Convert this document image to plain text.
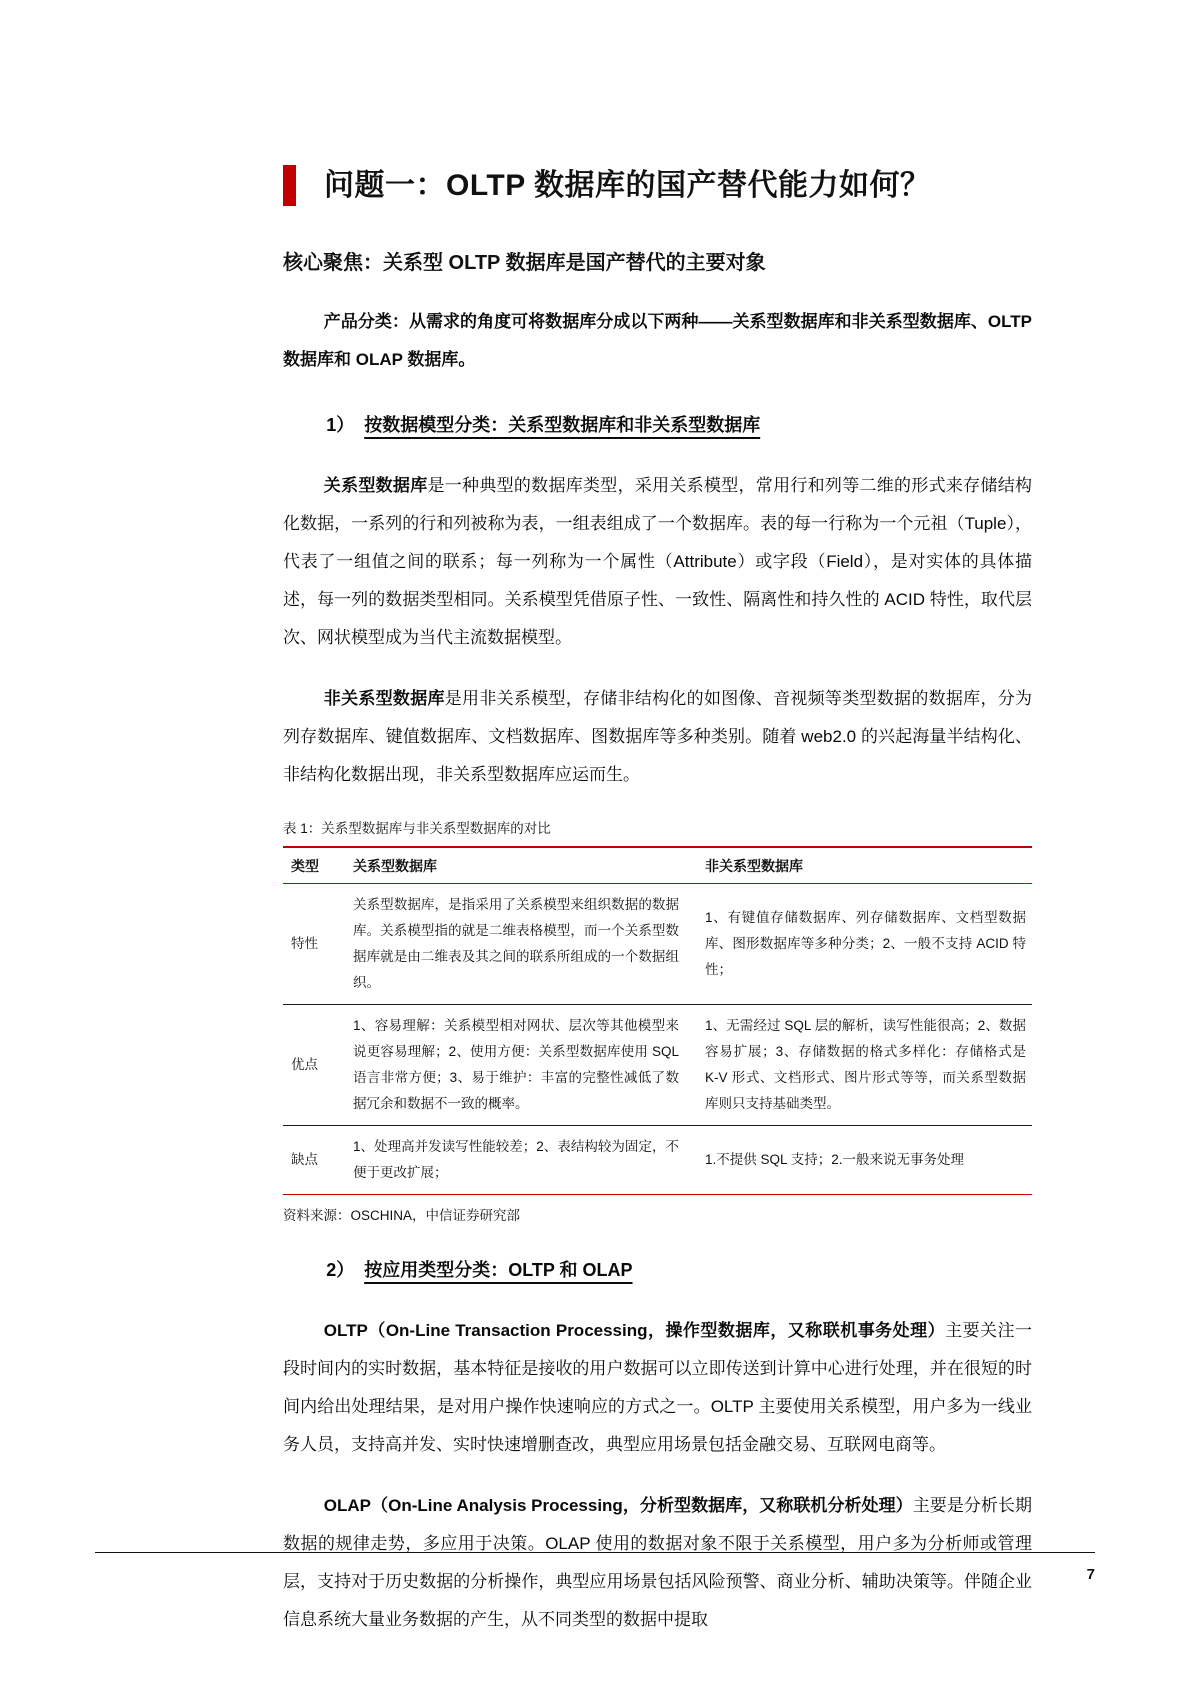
问题一：OLTP 数据库的国产替代能力如何？
核心聚焦：关系型 OLTP 数据库是国产替代的主要对象

产品分类：从需求的角度可将数据库分成以下两种——关系型数据库和非关系型数据库、OLTP 数据库和 OLAP 数据库。

1） 按数据模型分类：关系型数据库和非关系型数据库

关系型数据库是一种典型的数据库类型，采用关系模型，常用行和列等二维的形式来存储结构化数据，一系列的行和列被称为表，一组表组成了一个数据库。表的每一行称为一个元祖（Tuple），代表了一组值之间的联系；每一列称为一个属性（Attribute）或字段（Field），是对实体的具体描述，每一列的数据类型相同。关系模型凭借原子性、一致性、隔离性和持久性的 ACID 特性，取代层次、网状模型成为当代主流数据模型。

非关系型数据库是用非关系模型，存储非结构化的如图像、音视频等类型数据的数据库，分为列存数据库、键值数据库、文档数据库、图数据库等多种类别。随着 web2.0 的兴起海量半结构化、非结构化数据出现，非关系型数据库应运而生。

表 1：关系型数据库与非关系型数据库的对比
类型	关系型数据库	非关系型数据库
特性	关系型数据库，是指采用了关系模型来组织数据的数据库。关系模型指的就是二维表格模型，而一个关系型数据库就是由二维表及其之间的联系所组成的一个数据组织。	1、有键值存储数据库、列存储数据库、文档型数据库、图形数据库等多种分类；2、一般不支持 ACID 特性；
优点	1、容易理解：关系模型相对网状、层次等其他模型来说更容易理解；2、使用方便：关系型数据库使用 SQL 语言非常方便；3、易于维护：丰富的完整性减低了数据冗余和数据不一致的概率。	1、无需经过 SQL 层的解析，读写性能很高；2、数据容易扩展；3、存储数据的格式多样化：存储格式是 K-V 形式、文档形式、图片形式等等，而关系型数据库则只支持基础类型。
缺点	1、处理高并发读写性能较差；2、表结构较为固定，不便于更改扩展；	1.不提供 SQL 支持；2.一般来说无事务处理
资料来源：OSCHINA，中信证券研究部
2） 按应用类型分类：OLTP 和 OLAP

OLTP（On-Line Transaction Processing，操作型数据库，又称联机事务处理）主要关注一段时间内的实时数据，基本特征是接收的用户数据可以立即传送到计算中心进行处理，并在很短的时间内给出处理结果，是对用户操作快速响应的方式之一。OLTP 主要使用关系模型，用户多为一线业务人员，支持高并发、实时快速增删查改，典型应用场景包括金融交易、互联网电商等。

OLAP（On-Line Analysis Processing，分析型数据库，又称联机分析处理）主要是分析长期数据的规律走势，多应用于决策。OLAP 使用的数据对象不限于关系模型，用户多为分析师或管理层，支持对于历史数据的分析操作，典型应用场景包括风险预警、商业分析、辅助决策等。伴随企业信息系统大量业务数据的产生，从不同类型的数据中提取

7
